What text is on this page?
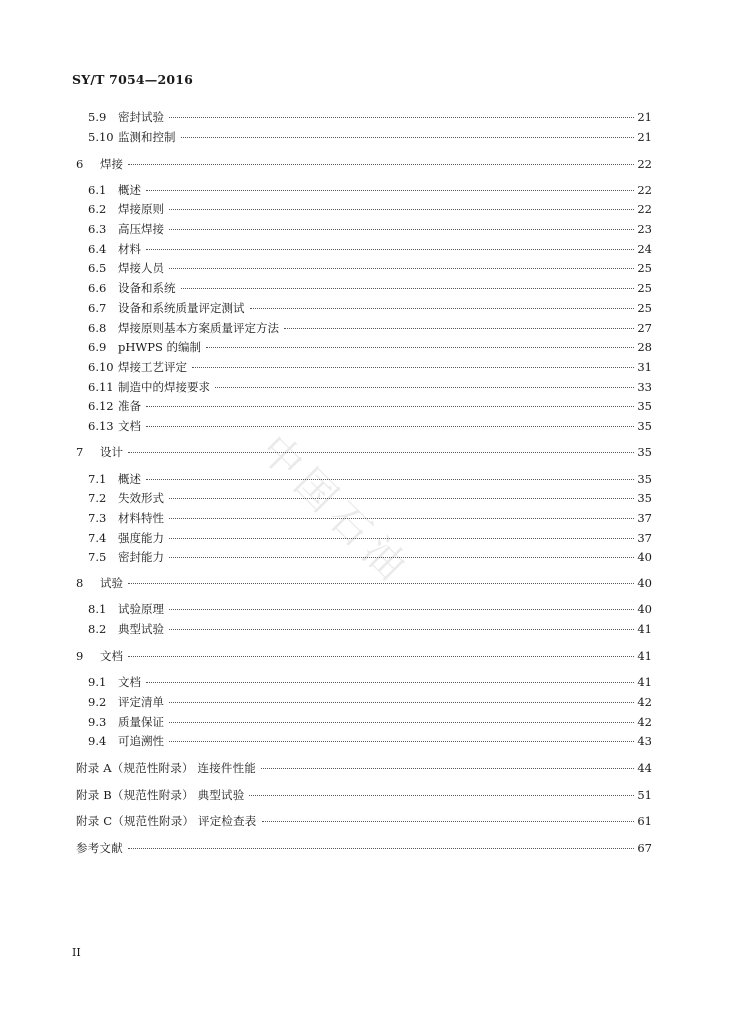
SY/T 7054—2016
中国石油
5.9	密封试验	21
5.10 监测和控制	21
6	焊接	22
6.1	概述	22
6.2	焊接原则	22
6.3	高压焊接	23
6.4	材料	24
6.5	焊接人员	25
6.6	设备和系统	25
6.7	设备和系统质量评定测试	25
6.8	焊接原则基本方案质量评定方法	27
6.9	pHWPS 的编制	28
6.10 焊接工艺评定	31
6.11 制造中的焊接要求	33
6.12 准备	35
6.13 文档	35
7	设计	35
7.1	概述	35
7.2	失效形式	35
7.3	材料特性	37
7.4	强度能力	37
7.5	密封能力	40
8	试验	40
8.1	试验原理	40
8.2	典型试验	41
9	文档	41
9.1	文档	41
9.2	评定清单	42
9.3	质量保证	42
9.4	可追溯性	43
附录 A（规范性附录） 连接件性能	44
附录 B（规范性附录） 典型试验	51
附录 C（规范性附录） 评定检查表	61
参考文献	67
II
